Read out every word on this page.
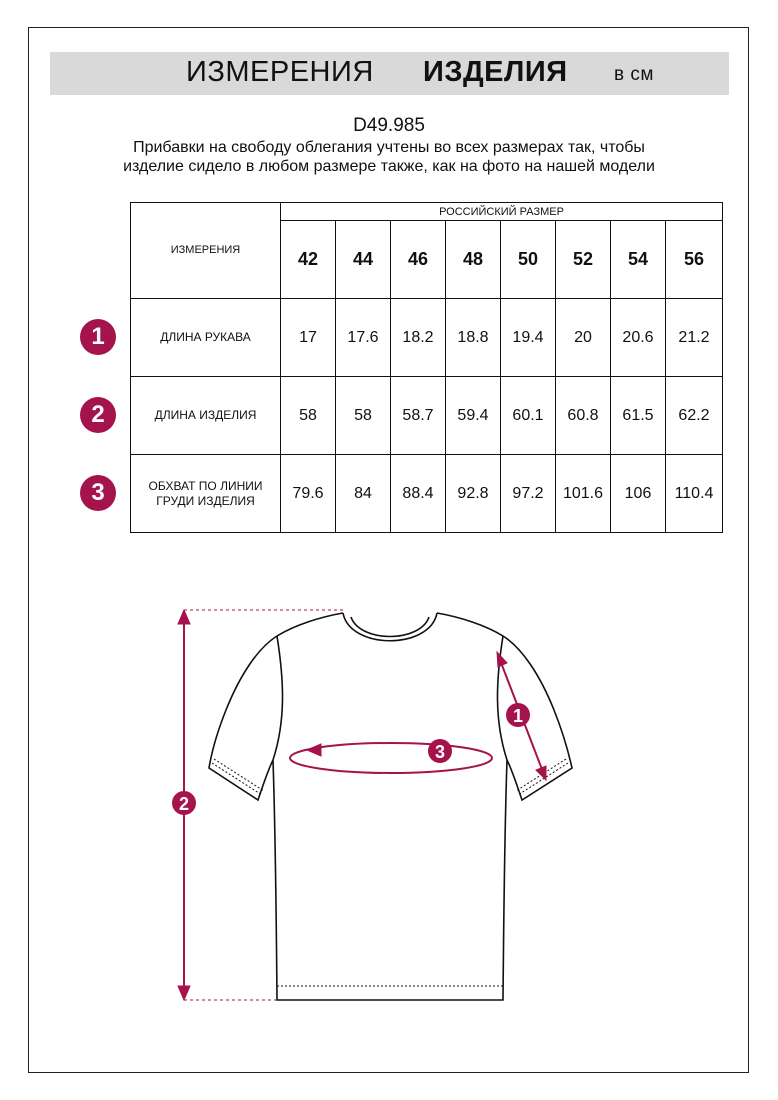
ИЗМЕРЕНИЯ ИЗДЕЛИЯ в см
D49.985
Прибавки на свободу облегания учтены во всех размерах так, чтобы изделие сидело в любом размере также, как на фото на нашей модели
ИЗМЕРЕНИЯ	РОССИЙСКИЙ РАЗМЕР							
	42	44	46	48	50	52	54	56
ДЛИНА РУКАВА	17	17.6	18.2	18.8	19.4	20	20.6	21.2
ДЛИНА ИЗДЕЛИЯ	58	58	58.7	59.4	60.1	60.8	61.5	62.2
ОБХВАТ ПО ЛИНИИ ГРУДИ ИЗДЕЛИЯ	79.6	84	88.4	92.8	97.2	101.6	106	110.4
1
2
3
1
2
3
